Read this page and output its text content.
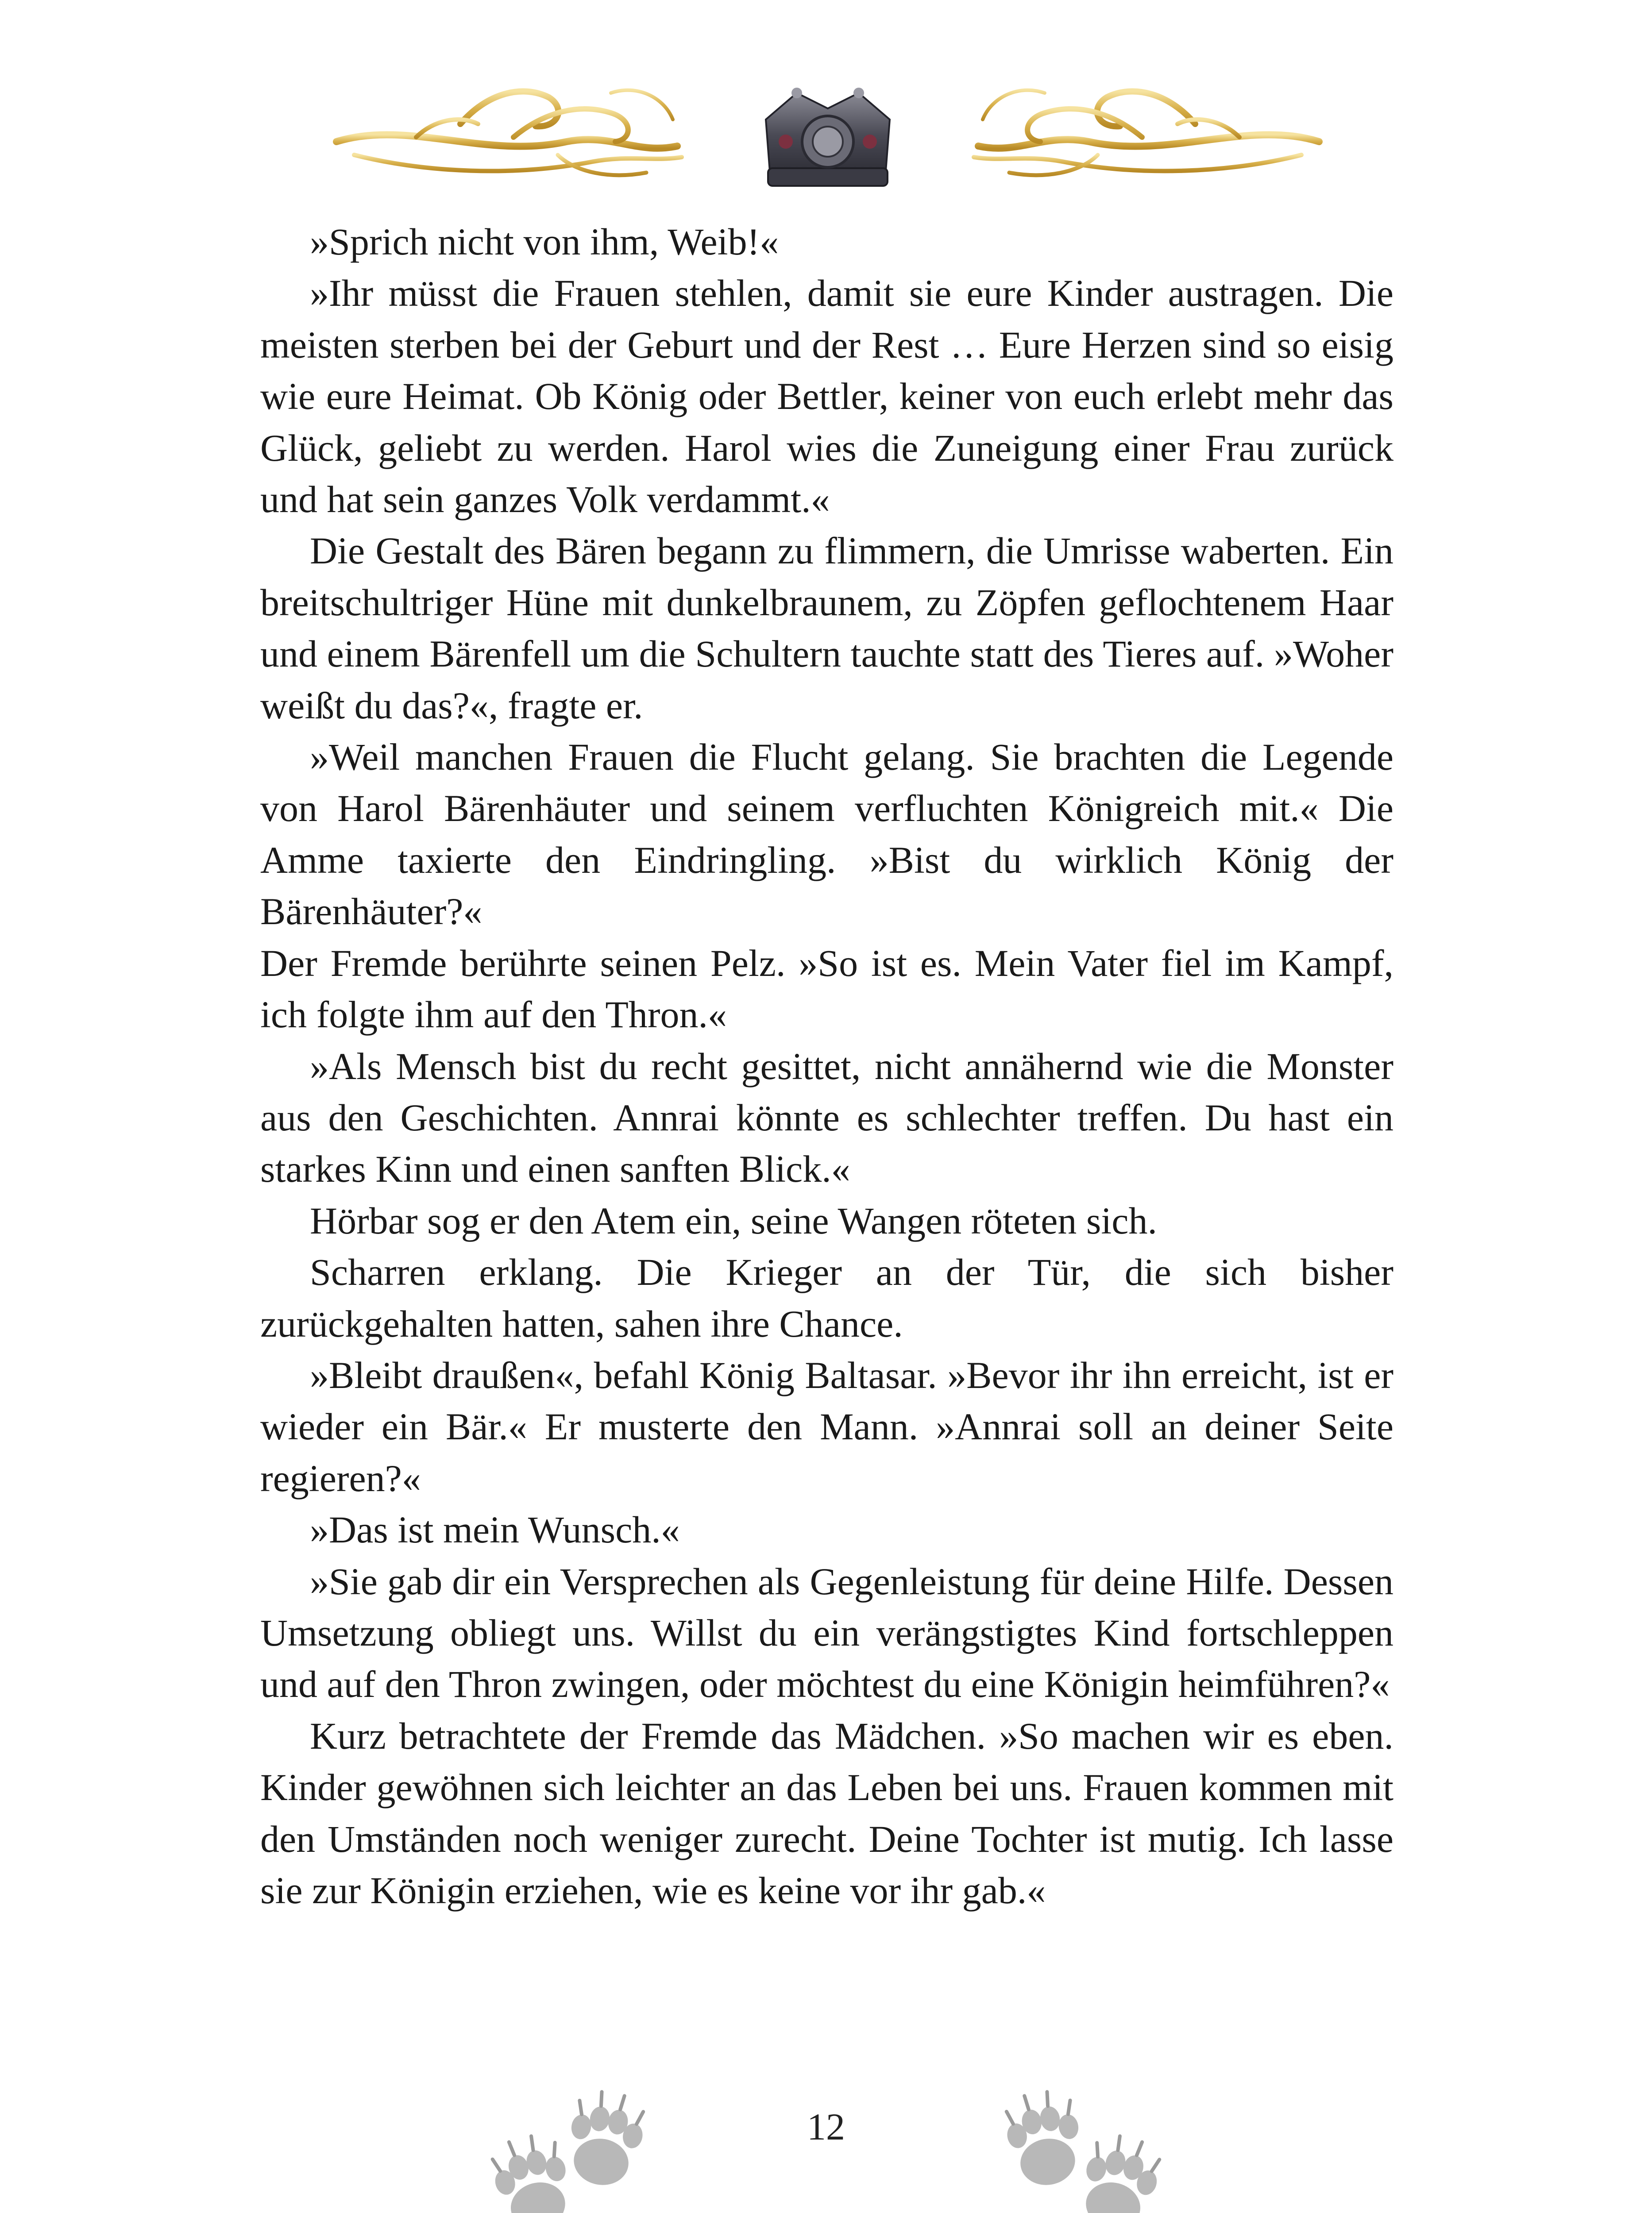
»Sprich nicht von ihm, Weib!«

»Ihr müsst die Frauen stehlen, damit sie eure Kinder austragen. Die meisten sterben bei der Geburt und der Rest … Eure Herzen sind so eisig wie eure Heimat. Ob König oder Bettler, keiner von euch erlebt mehr das Glück, geliebt zu werden. Harol wies die Zuneigung einer Frau zurück und hat sein ganzes Volk verdammt.«

Die Gestalt des Bären begann zu flimmern, die Umrisse waberten. Ein breitschultriger Hüne mit dunkelbraunem, zu Zöpfen geflochtenem Haar und einem Bärenfell um die Schultern tauchte statt des Tieres auf. »Woher weißt du das?«, fragte er.

»Weil manchen Frauen die Flucht gelang. Sie brachten die Legende von Harol Bärenhäuter und seinem verfluchten Königreich mit.« Die Amme taxierte den Eindringling. »Bist du wirklich König der Bärenhäuter?«

Der Fremde berührte seinen Pelz. »So ist es. Mein Vater fiel im Kampf, ich folgte ihm auf den Thron.«

»Als Mensch bist du recht gesittet, nicht annähernd wie die Monster aus den Geschichten. Annrai könnte es schlechter treffen. Du hast ein starkes Kinn und einen sanften Blick.«

Hörbar sog er den Atem ein, seine Wangen röteten sich.

Scharren erklang. Die Krieger an der Tür, die sich bisher zurückgehalten hatten, sahen ihre Chance.

»Bleibt draußen«, befahl König Baltasar. »Bevor ihr ihn erreicht, ist er wieder ein Bär.« Er musterte den Mann. »Annrai soll an deiner Seite regieren?«

»Das ist mein Wunsch.«

»Sie gab dir ein Versprechen als Gegenleistung für deine Hilfe. Dessen Umsetzung obliegt uns. Willst du ein verängstigtes Kind fortschleppen und auf den Thron zwingen, oder möchtest du eine Königin heimführen?«

Kurz betrachtete der Fremde das Mädchen. »So machen wir es eben. Kinder gewöhnen sich leichter an das Leben bei uns. Frauen kommen mit den Umständen noch weniger zurecht. Deine Tochter ist mutig. Ich lasse sie zur Königin erziehen, wie es keine vor ihr gab.«

12
